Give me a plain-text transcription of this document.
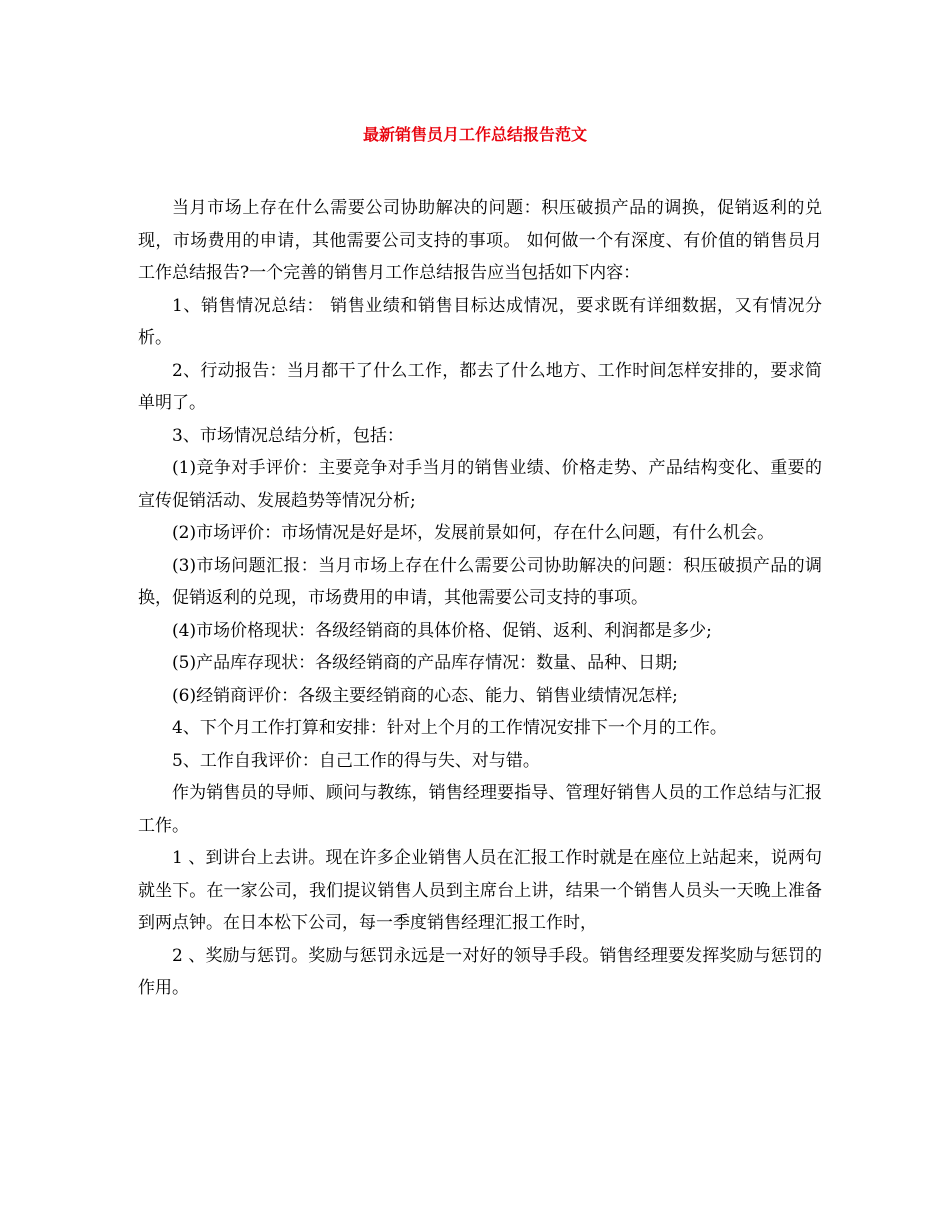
最新销售员月工作总结报告范文

当月市场上存在什么需要公司协助解决的问题：积压破损产品的调换，促销返利的兑现，市场费用的申请，其他需要公司支持的事项。 如何做一个有深度、有价值的销售员月工作总结报告?一个完善的销售月工作总结报告应当包括如下内容：

1、销售情况总结： 销售业绩和销售目标达成情况，要求既有详细数据，又有情况分析。

2、行动报告：当月都干了什么工作，都去了什么地方、工作时间怎样安排的，要求简单明了。

3、市场情况总结分析，包括：

(1)竞争对手评价：主要竞争对手当月的销售业绩、价格走势、产品结构变化、重要的宣传促销活动、发展趋势等情况分析;

(2)市场评价：市场情况是好是坏，发展前景如何，存在什么问题，有什么机会。

(3)市场问题汇报：当月市场上存在什么需要公司协助解决的问题：积压破损产品的调换，促销返利的兑现，市场费用的申请，其他需要公司支持的事项。

(4)市场价格现状：各级经销商的具体价格、促销、返利、利润都是多少;

(5)产品库存现状：各级经销商的产品库存情况：数量、品种、日期;

(6)经销商评价：各级主要经销商的心态、能力、销售业绩情况怎样;

4、下个月工作打算和安排：针对上个月的工作情况安排下一个月的工作。

5、工作自我评价：自己工作的得与失、对与错。

作为销售员的导师、顾问与教练，销售经理要指导、管理好销售人员的工作总结与汇报工作。

1 、到讲台上去讲。现在许多企业销售人员在汇报工作时就是在座位上站起来，说两句就坐下。在一家公司，我们提议销售人员到主席台上讲，结果一个销售人员头一天晚上准备到两点钟。在日本松下公司，每一季度销售经理汇报工作时，

2 、奖励与惩罚。奖励与惩罚永远是一对好的领导手段。销售经理要发挥奖励与惩罚的作用。
